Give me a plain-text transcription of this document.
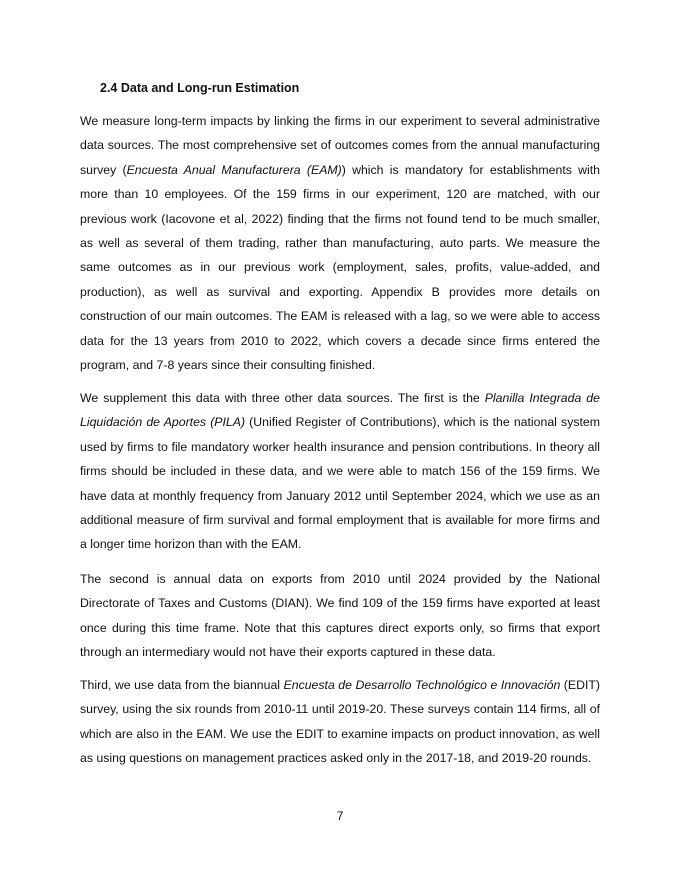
2.4 Data and Long-run Estimation

We measure long-term impacts by linking the firms in our experiment to several administrative data sources. The most comprehensive set of outcomes comes from the annual manufacturing survey (Encuesta Anual Manufacturera (EAM)) which is mandatory for establishments with more than 10 employees. Of the 159 firms in our experiment, 120 are matched, with our previous work (Iacovone et al, 2022) finding that the firms not found tend to be much smaller, as well as several of them trading, rather than manufacturing, auto parts. We measure the same outcomes as in our previous work (employment, sales, profits, value-added, and production), as well as survival and exporting. Appendix B provides more details on construction of our main outcomes. The EAM is released with a lag, so we were able to access data for the 13 years from 2010 to 2022, which covers a decade since firms entered the program, and 7-8 years since their consulting finished.

We supplement this data with three other data sources. The first is the Planilla Integrada de Liquidación de Aportes (PILA) (Unified Register of Contributions), which is the national system used by firms to file mandatory worker health insurance and pension contributions. In theory all firms should be included in these data, and we were able to match 156 of the 159 firms. We have data at monthly frequency from January 2012 until September 2024, which we use as an additional measure of firm survival and formal employment that is available for more firms and a longer time horizon than with the EAM.

The second is annual data on exports from 2010 until 2024 provided by the National Directorate of Taxes and Customs (DIAN). We find 109 of the 159 firms have exported at least once during this time frame. Note that this captures direct exports only, so firms that export through an intermediary would not have their exports captured in these data.

Third, we use data from the biannual Encuesta de Desarrollo Technológico e Innovación (EDIT) survey, using the six rounds from 2010-11 until 2019-20. These surveys contain 114 firms, all of which are also in the EAM. We use the EDIT to examine impacts on product innovation, as well as using questions on management practices asked only in the 2017-18, and 2019-20 rounds.

7
